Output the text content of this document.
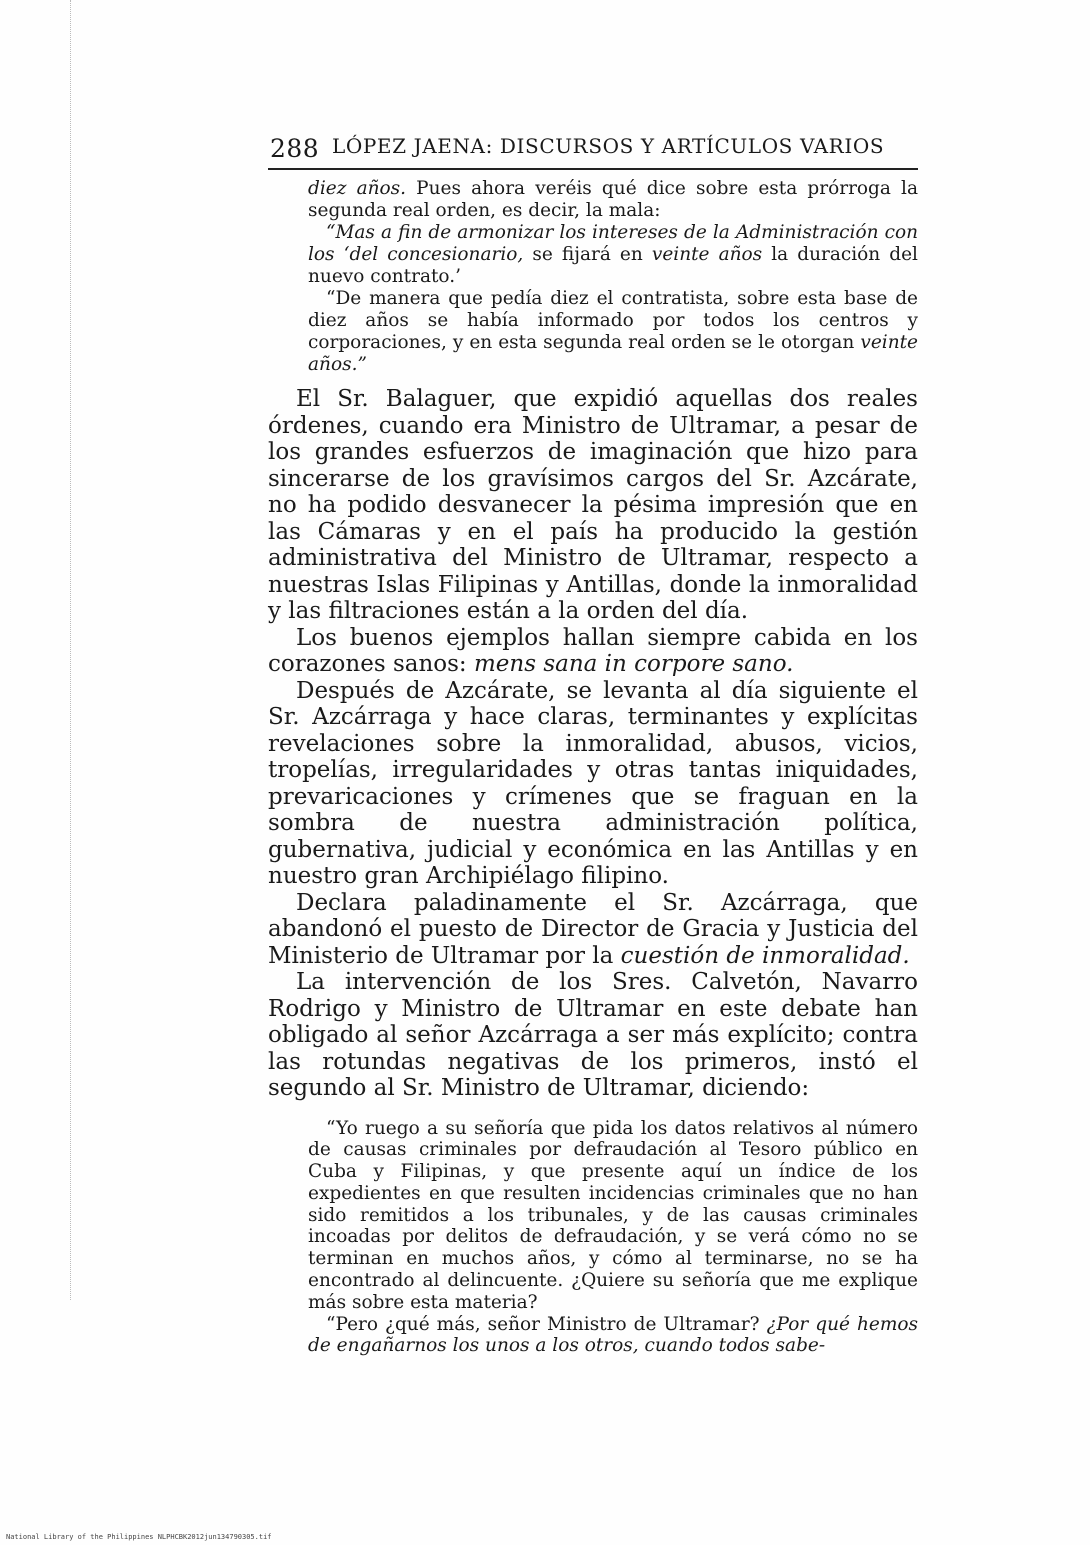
288 LÓPEZ JAENA: DISCURSOS Y ARTÍCULOS VARIOS

diez años. Pues ahora veréis qué dice sobre esta prórroga la segunda real orden, es decir, la mala:

“Mas a fin de armonizar los intereses de la Administración con los ‘del concesionario, se fijará en veinte años la duración del nuevo contrato.’

“De manera que pedía diez el contratista, sobre esta base de diez años se había informado por todos los centros y corporaciones, y en esta segunda real orden se le otorgan veinte años.”

El Sr. Balaguer, que expidió aquellas dos reales órdenes, cuando era Ministro de Ultramar, a pesar de los grandes esfuerzos de imaginación que hizo para sincerarse de los gravísimos cargos del Sr. Azcárate, no ha podido desvanecer la pésima impresión que en las Cámaras y en el país ha producido la gestión administrativa del Ministro de Ultramar, respecto a nuestras Islas Filipinas y Antillas, donde la inmoralidad y las filtraciones están a la orden del día.

Los buenos ejemplos hallan siempre cabida en los corazones sanos: mens sana in corpore sano.

Después de Azcárate, se levanta al día siguiente el Sr. Azcárraga y hace claras, terminantes y explícitas revelaciones sobre la inmoralidad, abusos, vicios, tropelías, irregularidades y otras tantas iniquidades, prevaricaciones y crímenes que se fraguan en la sombra de nuestra administración política, gubernativa, judicial y económica en las Antillas y en nuestro gran Archipiélago filipino.

Declara paladinamente el Sr. Azcárraga, que abandonó el puesto de Director de Gracia y Justicia del Ministerio de Ultramar por la cuestión de inmoralidad.

La intervención de los Sres. Calvetón, Navarro Rodrigo y Ministro de Ultramar en este debate han obligado al señor Azcárraga a ser más explícito; contra las rotundas negativas de los primeros, instó el segundo al Sr. Ministro de Ultramar, diciendo:

“Yo ruego a su señoría que pida los datos relativos al número de causas criminales por defraudación al Tesoro público en Cuba y Filipinas, y que presente aquí un índice de los expedientes en que resulten incidencias criminales que no han sido remitidos a los tribunales, y de las causas criminales incoadas por delitos de defraudación, y se verá cómo no se terminan en muchos años, y cómo al terminarse, no se ha encontrado al delincuente. ¿Quiere su señoría que me explique más sobre esta materia?

“Pero ¿qué más, señor Ministro de Ultramar? ¿Por qué hemos de engañarnos los unos a los otros, cuando todos sabe-

National Library of the Philippines NLPHCBK2012jun134790305.tif
